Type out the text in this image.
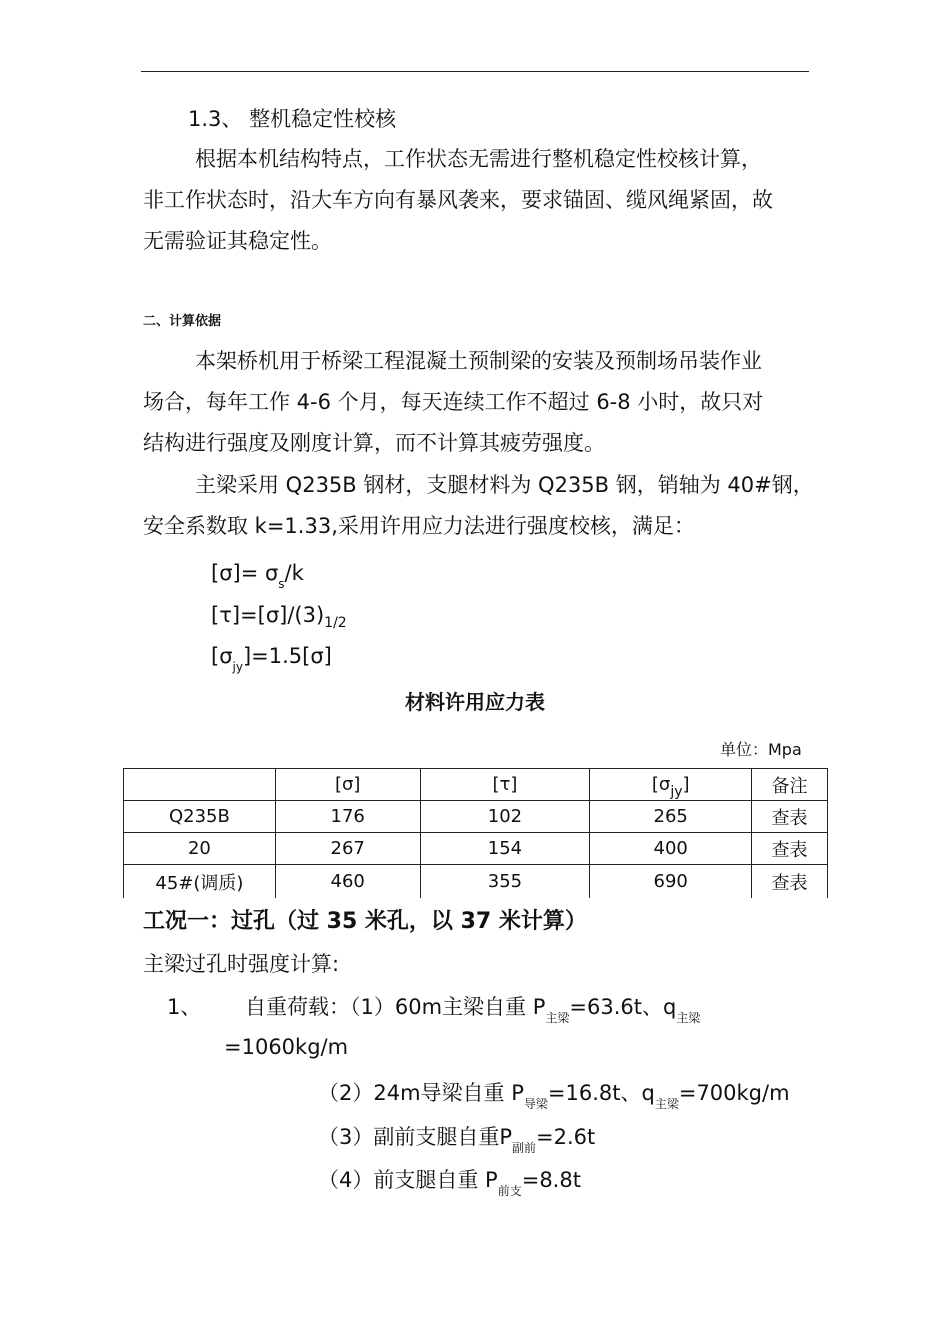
1.3、 整机稳定性校核
根据本机结构特点，工作状态无需进行整机稳定性校核计算，
非工作状态时，沿大车方向有暴风袭来，要求锚固、缆风绳紧固，故
无需验证其稳定性。
二、计算依据
本架桥机用于桥梁工程混凝土预制梁的安装及预制场吊装作业
场合，每年工作 4-6 个月，每天连续工作不超过 6-8 小时，故只对
结构进行强度及刚度计算，而不计算其疲劳强度。
主梁采用 Q235B 钢材，支腿材料为 Q235B 钢，销轴为 40#钢，
安全系数取 k=1.33,采用许用应力法进行强度校核，满足：
$[\sigma]= \sigma_s/k$
$[\tau]=[\sigma]/(3)_{1/2}$
$[\sigma_{jy}]=1.5[\sigma]$
材料许用应力表
单位：Mpa
	[σ]	[τ]	$[\sigma_{jy}]$	备注
Q235B	176	102	265	查表
20	267	154	400	查表
45#(调质)	460	355	690	查表
工况一：过孔（过 35 米孔，以 37 米计算）
主梁过孔时强度计算:
1、 自重荷载：（1）60m主梁自重 $P_{主梁}=63.6t$、$q_{主梁}$
=1060kg/m
（2）24m导梁自重 $P_{导梁}=16.8t$、$q_{主梁}=700kg/m$
（3）副前支腿自重$P_{副前}=2.6t$
（4）前支腿自重 $P_{前支}=8.8t$
